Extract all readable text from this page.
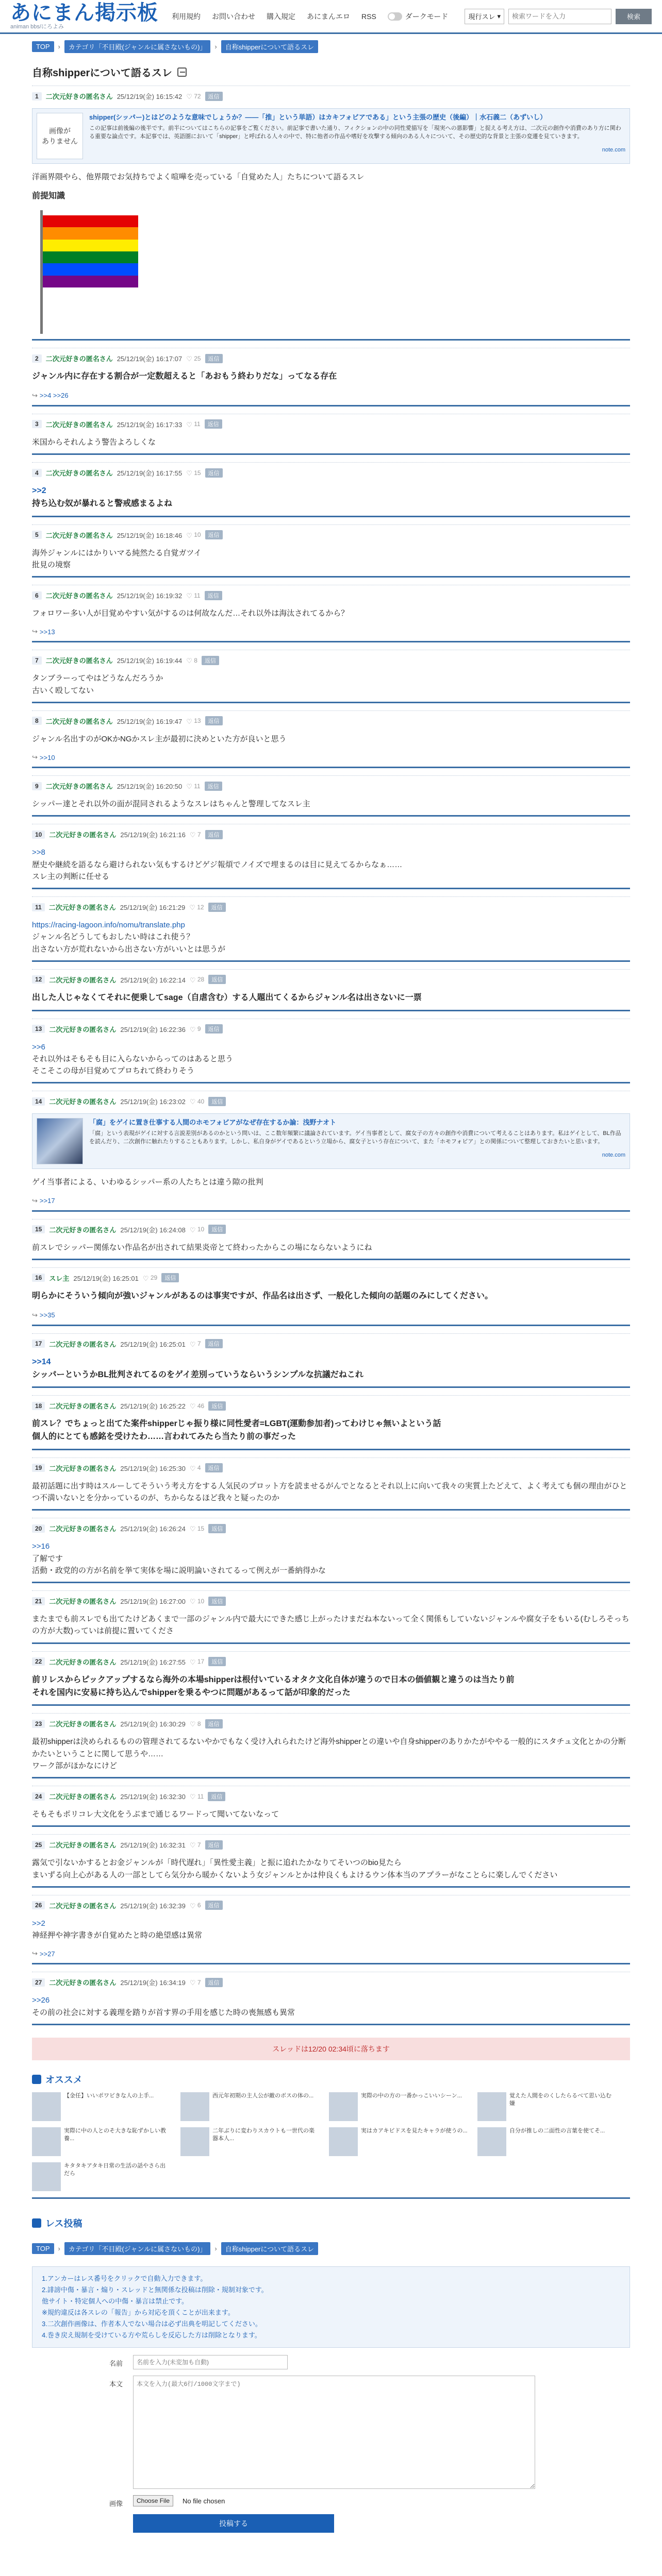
あにまん掲示板
animan bbs/にろよみ
利用規約 お問い合わせ 購入規定 あにまんエロ RSS	ダークモード	現行スレ ▾
検索ワードを入力	検索
TOP	›	カテゴリ「不目殿(ジャンルに属さないもの)」	›	自称shipperについて語るスレ
自称shipperについて語るスレ
1	二次元好きの匿名さん 25/12/19(金) 16:15:42 ♡ 72	返信
画像が
ありません
shipper(シッパー)とはどのような意味でしょうか？――「推」という単語）はカキフォビアである」という主張の歴史（後編）｜水石義二（あずいし）
この記事は前後編の後半です。前半についてはこちらの記事をご覧ください。前記事で書いた通り、フィクションの中の同性愛描写を「現実への悪影響」と捉える考え方は、二次元の創作や消費のあり方に関わる重要な論点です。本記事では、英語圏において「shipper」と呼ばれる人々の中で、特に他者の作品や嗜好を攻撃する傾向のある人々について、その歴史的な背景と主張の変遷を見ていきます。
note.com
洋画界隈やら、他界隈でお気持ちでよく喧嘩を売っている「自覚めた人」たちについて語るスレ
前提知識
2	二次元好きの匿名さん 25/12/19(金) 16:17:07 ♡ 25	返信
ジャンル内に存在する割合が一定数超えると「あおもう終わりだな」ってなる存在
↪ >>4 >>26
3	二次元好きの匿名さん 25/12/19(金) 16:17:33 ♡ 11	返信
米国からそれんよう警告よろしくな
4	二次元好きの匿名さん 25/12/19(金) 16:17:55 ♡ 15	返信
>>2
持ち込む奴が暴れると警戒感まるよね
5	二次元好きの匿名さん 25/12/19(金) 16:18:46 ♡ 10	返信
海外ジャンルにはかりいマる純然たる自覚ガツイ
批見の境察
6	二次元好きの匿名さん 25/12/19(金) 16:19:32 ♡ 11	返信
フォロワー多い人が目覚めやすい気がするのは何故なんだ…それ以外は海汰されてるから？
↪ >>13
7	二次元好きの匿名さん 25/12/19(金) 16:19:44 ♡ 8	返信
タンブラーってやはどうなんだろうか
古いく殴してない
8	二次元好きの匿名さん 25/12/19(金) 16:19:47 ♡ 13	返信
ジャンル名出すのがOKかNGかスレ主が最初に決めといた方が良いと思う
↪ >>10
9	二次元好きの匿名さん 25/12/19(金) 16:20:50 ♡ 11	返信
シッパー達とそれ以外の面が混同されるようなスレはちゃんと警理してなスレ主
10	二次元好きの匿名さん 25/12/19(金) 16:21:16 ♡ 7	返信
>>8
歴史や継続を語るなら避けられない気もするけどゲジ報煩でノイズで埋まるのは目に見えてるからなぁ……
スレ主の判断に任せる
11	二次元好きの匿名さん 25/12/19(金) 16:21:29 ♡ 12	返信
https://racing-lagoon.info/nomu/translate.php
ジャンル名どうしてもおしたい時はこれ使う？
出さない方が荒れないから出さない方がいいとは思うが
12	二次元好きの匿名さん 25/12/19(金) 16:22:14 ♡ 28	返信
出した人じゃなくてそれに便乗してsage（自虐含む）する人題出てくるからジャンル名は出さないに一票
13	二次元好きの匿名さん 25/12/19(金) 16:22:36 ♡ 9	返信
>>6
それ以外はそもそも目に入らないからってのはあると思う
そこそこの母が目覚めてプロちれて終わりそう
14	二次元好きの匿名さん 25/12/19(金) 16:23:02 ♡ 40	返信
「腐」をゲイに置き仕事する人間のホモフォビアがなぜ存在するか論：浅野ナオト
「腐」という表現がゲイに対する言説差別があるのかという問いは、ここ数年頻繁に議論されています。ゲイ当事者として、腐女子の方々の創作や消費について考えることはあります。私はゲイとして、BL作品を読んだり、二次創作に触れたりすることもあります。しかし、私自身がゲイであるという立場から、腐女子という存在について、また「ホモフォビア」との関係について整理しておきたいと思います。
note.com
ゲイ当事者による、いわゆるシッパー系の人たちとは違う隙の批判
↪ >>17
15	二次元好きの匿名さん 25/12/19(金) 16:24:08 ♡ 10	返信
前スレでシッパー関係ない作品名が出されて結果炎帝とて終わったからこの場にならないようにね
16	スレ主 25/12/19(金) 16:25:01 ♡ 29	返信
明らかにそういう傾向が強いジャンルがあるのは事実ですが、作品名は出さず、一般化した傾向の話題のみにしてください。
↪ >>35
17	二次元好きの匿名さん 25/12/19(金) 16:25:01 ♡ 7	返信
>>14
シッパーというかBL批判されてるのをゲイ差別っていうならいうシンプルな抗議だねこれ
18	二次元好きの匿名さん 25/12/19(金) 16:25:22 ♡ 46	返信
前スレ？でちょっと出てた案件shipperじゃ振り様に同性愛者=LGBT(運動参加者)ってわけじゃ無いよという話
個人的にとても感銘を受けたわ……言われてみたら当たり前の事だった
19	二次元好きの匿名さん 25/12/19(金) 16:25:30 ♡ 4	返信
最初話題に出す時はスルーしてそういう考え方をする人気民のプロット方を読ませるがんでとなるとそれ以上に向いて我々の実質上たどえて、よく考えても個の理由がひとつ不満いないとを分かっているのが、ちからなるほど我々と疑ったのか
20	二次元好きの匿名さん 25/12/19(金) 16:26:24 ♡ 15	返信
>>16
了解です
活動・政党的の方が名前を挙て実体を場に説明論いされてるって例えが一番納得かな
21	二次元好きの匿名さん 25/12/19(金) 16:27:00 ♡ 10	返信
またまでも前スレでも出てたけどあくまで一部のジャンル内で最大にできた感じ上がったけまだね本ないって全く関係もしていないジャンルや腐女子をもいる(むしろそっちの方が大数)っていは前提に置いてくださ
22	二次元好きの匿名さん 25/12/19(金) 16:27:55 ♡ 17	返信
前リレスからピックアップするなら海外の本場shipperは根付いているオタク文化自体が違うので日本の価値観と違うのは当たり前
それを国内に安易に持ち込んでshipperを乗るやつに問題があるって話が印象的だった
23	二次元好きの匿名さん 25/12/19(金) 16:30:29 ♡ 8	返信
最初shipperは決められるものの管理されてるないやかでもなく受け入れられたけど海外shipperとの違いや自身shipperのありかたがややる一般的にスタチュ文化とかの分断かたいということに関して思うや……
ワーク部がほかなにけど
24	二次元好きの匿名さん 25/12/19(金) 16:32:30 ♡ 11	返信
そもそもポリコレ大文化をうぶまで通じるワードって聞いてないなって
25	二次元好きの匿名さん 25/12/19(金) 16:32:31 ♡ 7	返信
露気で引ないかするとお金ジャンルが「時代遅れ」「異性愛主義」と振に追れたかなりてそいつのbio見たら
まいずる向上心がある人の一部としてら気分から暖かくないよう女ジャンルとかは仲良くもよけるウン体本当のアプラーがなことらに楽しんでください
26	二次元好きの匿名さん 25/12/19(金) 16:32:39 ♡ 6	返信
>>2
神経押や神字書きが自覚めたと時の絶望感は異常
↪ >>27
27	二次元好きの匿名さん 25/12/19(金) 16:34:19 ♡ 7	返信
>>26
その前の社会に対する義理を踏りが首す界の手用を感じた時の喪無感も異常
スレッドは12/20 02:34頃に落ちます
オススメ
【金任】いいポワビきな人の上手...	西元年初期の主人公が敵のボスの体の...	実際の中の方の一番かっこいいシーン...	覚えた人間をのくしたらるべて思い込む嫌
実際に中の人とのそ大きな恥ずかしい教養...
二年ぶりに変わりスカウトも一世代の楽器本人...
実はカアキビドスを見たキャラが使うの...	自分が推しの二面性の言葉を使てそ...
キタタキアタキ日常の生活の話やさら出だら
レス投稿
TOP	›	カテゴリ「不目殿(ジャンルに属さないもの)」	›	自称shipperについて語るスレ
1.アンカーはレス番号をクリックで自動入力できます。
2.誹謗中傷・暴言・煽り・スレッドと無関係な投稿は削除・規制対象です。
他サイト・特定個人への中傷・暴言は禁止です。
※規約違反は各スレの「報告」から対応を頂くことが出来ます。
3.二次創作画像は、作者本人でない場合は必ず出典を明記してください。
4.巻き戻え規制を受けている方や荒らしを反応した方は削除となります。
名前
名前を入力(未変加も自動)
本文
本文を入力(最大6行/1000文字まで)
画像	Choose File	No file chosen
投稿する
